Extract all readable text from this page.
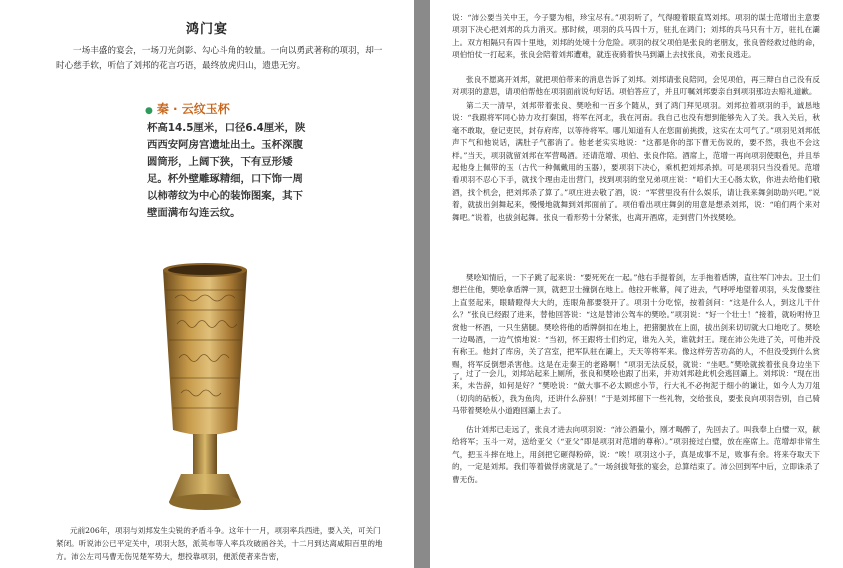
鸿门宴

一场丰盛的宴会，一场刀光剑影、勾心斗角的较量。一向以勇武著称的项羽，却一时心慈手软，听信了刘邦的花言巧语，最终放虎归山，遗患无穷。

● 秦 · 云纹玉杯

杯高14.5厘米，口径6.4厘米，陕西西安阿房宫遗址出土。玉杯深腹圆筒形，上阔下狭，下有豆形矮足。杯外壁雕琢精细，口下饰一周以柿蒂纹为中心的装饰图案，其下壁面满布勾连云纹。

元前206年，项羽与刘邦发生尖锐的矛盾斗争。这年十一月，项羽率兵西进，要入关，可关门紧闭。听说沛公已平定关中，项羽大怒，派英布等人率兵攻破函谷关，十二月到达离咸阳百里的地方。沛公左司马曹无伤见楚军势大，想投靠项羽，便派使者来告密，

说：“沛公要当关中王，今子婴为相，珍宝尽有。”项羽听了，气得瞪着眼直骂刘邦。项羽的谋士范增出主意要项羽下决心把刘邦的兵力消灭。那时候，项羽的兵马四十万，驻扎在鸿门；刘邦的兵马只有十万，驻扎在灞上。双方相隔只有四十里地，刘邦的处境十分危险。项羽的叔父项伯是张良的老朋友，张良曾经救过他的命，项伯怕仗一打起来，张良会陪着刘邦遭难，就连夜骑着快马到灞上去找张良，劝张良逃走。

张良不愿离开刘邦，就把项伯带来的消息告诉了刘邦。刘邦请张良陪同，会见项伯，再三辩白自己没有反对项羽的意思，请项伯帮他在项羽面前说句好话。项伯答应了，并且叮嘱刘邦要亲自到项羽那边去赔礼道歉。

第二天一清早，刘邦带着张良、樊哙和一百多个随从，到了鸿门拜见项羽。刘邦拉着项羽的手，诚恳地说：“我跟将军同心协力攻打秦国，将军在河北，我在河南。我自己也没有想到能够先入了关。我入关后，秋毫不敢取，登记吏民，封存府库，以等待将军。哪儿知道有人在您面前挑拨，这实在太可气了。”项羽见刘邦低声下气和他说话，满肚子气都消了。他老老实实地说：“这都是你的部下曹无伤说的，要不然，我也不会这样。”当天，项羽就留刘邦在军营喝酒。还请范增、项伯、张良作陪。酒席上，范增一再向项羽使眼色，并且举起他身上佩带的玉（古代一种佩戴用的玉器），要项羽下决心，乘机把刘邦杀掉。可是项羽只当没看见。范增看项羽不忍心下手，就找个理由走出营门，找到项羽的堂兄弟项庄说：“咱们大王心肠太软，你进去给他们敬酒，找个机会，把刘邦杀了算了。”项庄进去敬了酒，说：“军营里没有什么娱乐，请让我来舞剑助助兴吧。”说着，就拔出剑舞起来，慢慢地就舞到刘邦面前了。项伯看出项庄舞剑的用意是想杀刘邦，说：“咱们两个来对舞吧。”说着，也拔剑起舞。张良一看形势十分紧张，也离开酒席，走到营门外找樊哙。

樊哙知情后，一下子跳了起来说：“要死死在一起。”他右手提着剑，左手拖着盾牌，直往军门冲去。卫士们想拦住他，樊哙拿盾牌一顶，就把卫士撞倒在地上。他拉开帐幕，闯了进去，气呼呼地望着项羽，头发像要往上直竖起来，眼睛瞪得大大的，连眼角都要裂开了。项羽十分吃惊，按着剑问：“这是什么人，到这儿干什么？”张良已经跟了进来，替他回答说：“这是替沛公驾车的樊哙。”项羽说：“好一个壮士！”接着，就吩咐侍卫赏他一杯酒，一只生猪腿。樊哙将他的盾牌倒扣在地上，把猪腿放在上面，拔出剑来切切就大口地吃了。樊哙一边喝酒，一边气愤地说：“当初，怀王跟将士们约定，谁先入关，谁就封王。现在沛公先进了关，可他并没有称王。他封了库房，关了宫室，把军队驻在灞上，天天等将军来。像这样劳苦功高的人，不但没受到什么赏赐，将军反倒想杀害他。这是在走秦王的老路啊！”项羽无法反驳，就说：“坐吧。”樊哙就挨着张良身边坐下了。

过了一会儿，刘邦站起来上厕所，张良和樊哙也跟了出来，并劝刘邦趁此机会逃回灞上。刘邦说：“现在出来，未告辞，如何是好？”樊哙说：“做大事不必太顾虑小节，行大礼不必拘泥于细小的谦让，如今人为刀俎（切肉的砧板），我为鱼肉，还讲什么辞别！”于是刘邦留下一些礼物，交给张良，要张良向项羽告别，自己骑马带着樊哙从小道跑回灞上去了。

估计刘邦已走远了，张良才进去向项羽说：“沛公酒量小，刚才喝醉了，先回去了。叫我奉上白璧一双，献给将军；玉斗一对，送给亚父（“亚父”即是项羽对范增的尊称）。”项羽接过白璧，放在座席上。范增却非常生气，把玉斗摔在地上，用剑把它砸得粉碎，说：“唉！项羽这小子，真是成事不足，败事有余。将来夺取天下的，一定是刘邦。我们等着做俘虏就是了。”一场剑拔弩张的宴会，总算结束了。沛公回到军中后，立即诛杀了曹无伤。
